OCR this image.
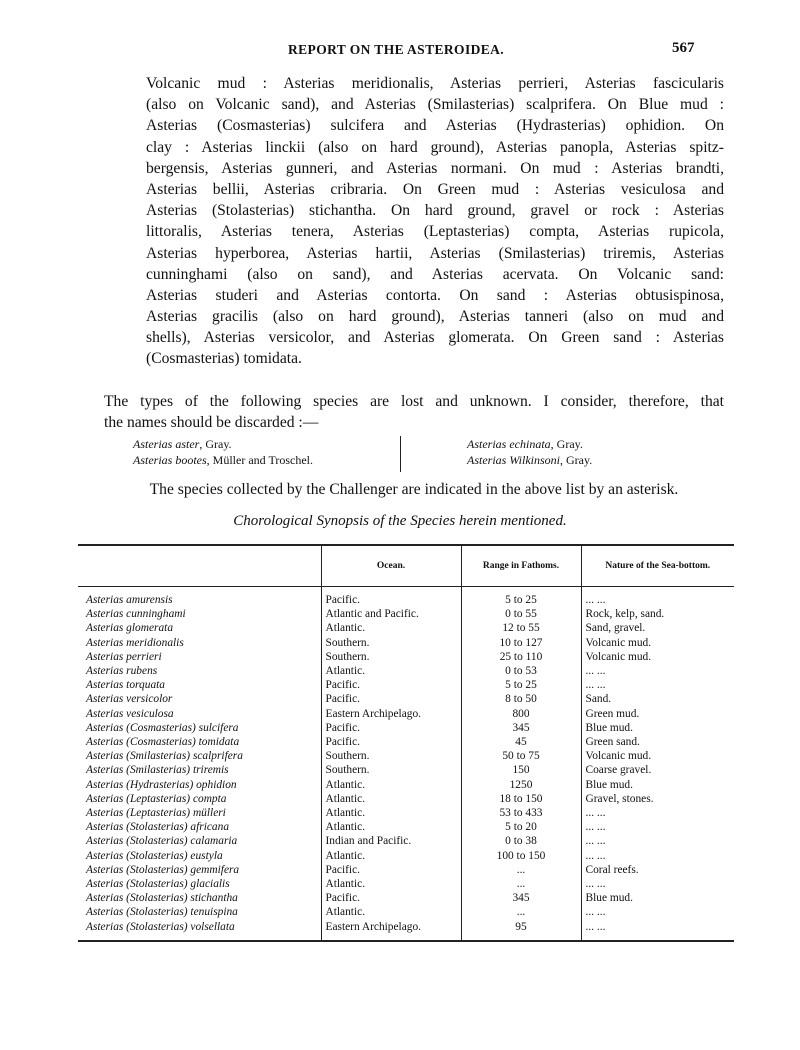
REPORT ON THE ASTEROIDEA.	567
Volcanic mud : Asterias meridionalis, Asterias perrieri, Asterias fascicularis
(also on Volcanic sand), and Asterias (Smilasterias) scalprifera. On Blue mud :
Asterias (Cosmasterias) sulcifera and Asterias (Hydrasterias) ophidion. On
clay : Asterias linckii (also on hard ground), Asterias panopla, Asterias spitz-
bergensis, Asterias gunneri, and Asterias normani. On mud : Asterias brandti,
Asterias bellii, Asterias cribraria. On Green mud : Asterias vesiculosa and
Asterias (Stolasterias) stichantha. On hard ground, gravel or rock : Asterias
littoralis, Asterias tenera, Asterias (Leptasterias) compta, Asterias rupicola,
Asterias hyperborea, Asterias hartii, Asterias (Smilasterias) triremis, Asterias
cunninghami (also on sand), and Asterias acervata. On Volcanic sand:
Asterias studeri and Asterias contorta. On sand : Asterias obtusispinosa,
Asterias gracilis (also on hard ground), Asterias tanneri (also on mud and
shells), Asterias versicolor, and Asterias glomerata. On Green sand : Asterias
(Cosmasterias) tomidata.
The types of the following species are lost and unknown. I consider, therefore, that
the names should be discarded :—
Asterias aster, Gray.
Asterias bootes, Müller and Troschel.
Asterias echinata, Gray.
Asterias Wilkinsoni, Gray.
The species collected by the Challenger are indicated in the above list by an asterisk.
Chorological Synopsis of the Species herein mentioned.
	Ocean.	Range in Fathoms.	Nature of the Sea-bottom.

Asterias amurensis	Pacific.	5 to 25	... ...
Asterias cunninghami	Atlantic and Pacific.	0 to 55	Rock, kelp, sand.
Asterias glomerata	Atlantic.	12 to 55	Sand, gravel.
Asterias meridionalis	Southern.	10 to 127	Volcanic mud.
Asterias perrieri	Southern.	25 to 110	Volcanic mud.
Asterias rubens	Atlantic.	0 to 53	... ...
Asterias torquata	Pacific.	5 to 25	... ...
Asterias versicolor	Pacific.	8 to 50	Sand.
Asterias vesiculosa	Eastern Archipelago.	800	Green mud.
Asterias (Cosmasterias) sulcifera	Pacific.	345	Blue mud.
Asterias (Cosmasterias) tomidata	Pacific.	45	Green sand.
Asterias (Smilasterias) scalprifera	Southern.	50 to 75	Volcanic mud.
Asterias (Smilasterias) triremis	Southern.	150	Coarse gravel.
Asterias (Hydrasterias) ophidion	Atlantic.	1250	Blue mud.
Asterias (Leptasterias) compta	Atlantic.	18 to 150	Gravel, stones.
Asterias (Leptasterias) mülleri	Atlantic.	53 to 433	... ...
Asterias (Stolasterias) africana	Atlantic.	5 to 20	... ...
Asterias (Stolasterias) calamaria	Indian and Pacific.	0 to 38	... ...
Asterias (Stolasterias) eustyla	Atlantic.	100 to 150	... ...
Asterias (Stolasterias) gemmifera	Pacific.	...	Coral reefs.
Asterias (Stolasterias) glacialis	Atlantic.	...	... ...
Asterias (Stolasterias) stichantha	Pacific.	345	Blue mud.
Asterias (Stolasterias) tenuispina	Atlantic.	...	... ...
Asterias (Stolasterias) volsellata	Eastern Archipelago.	95	... ...
